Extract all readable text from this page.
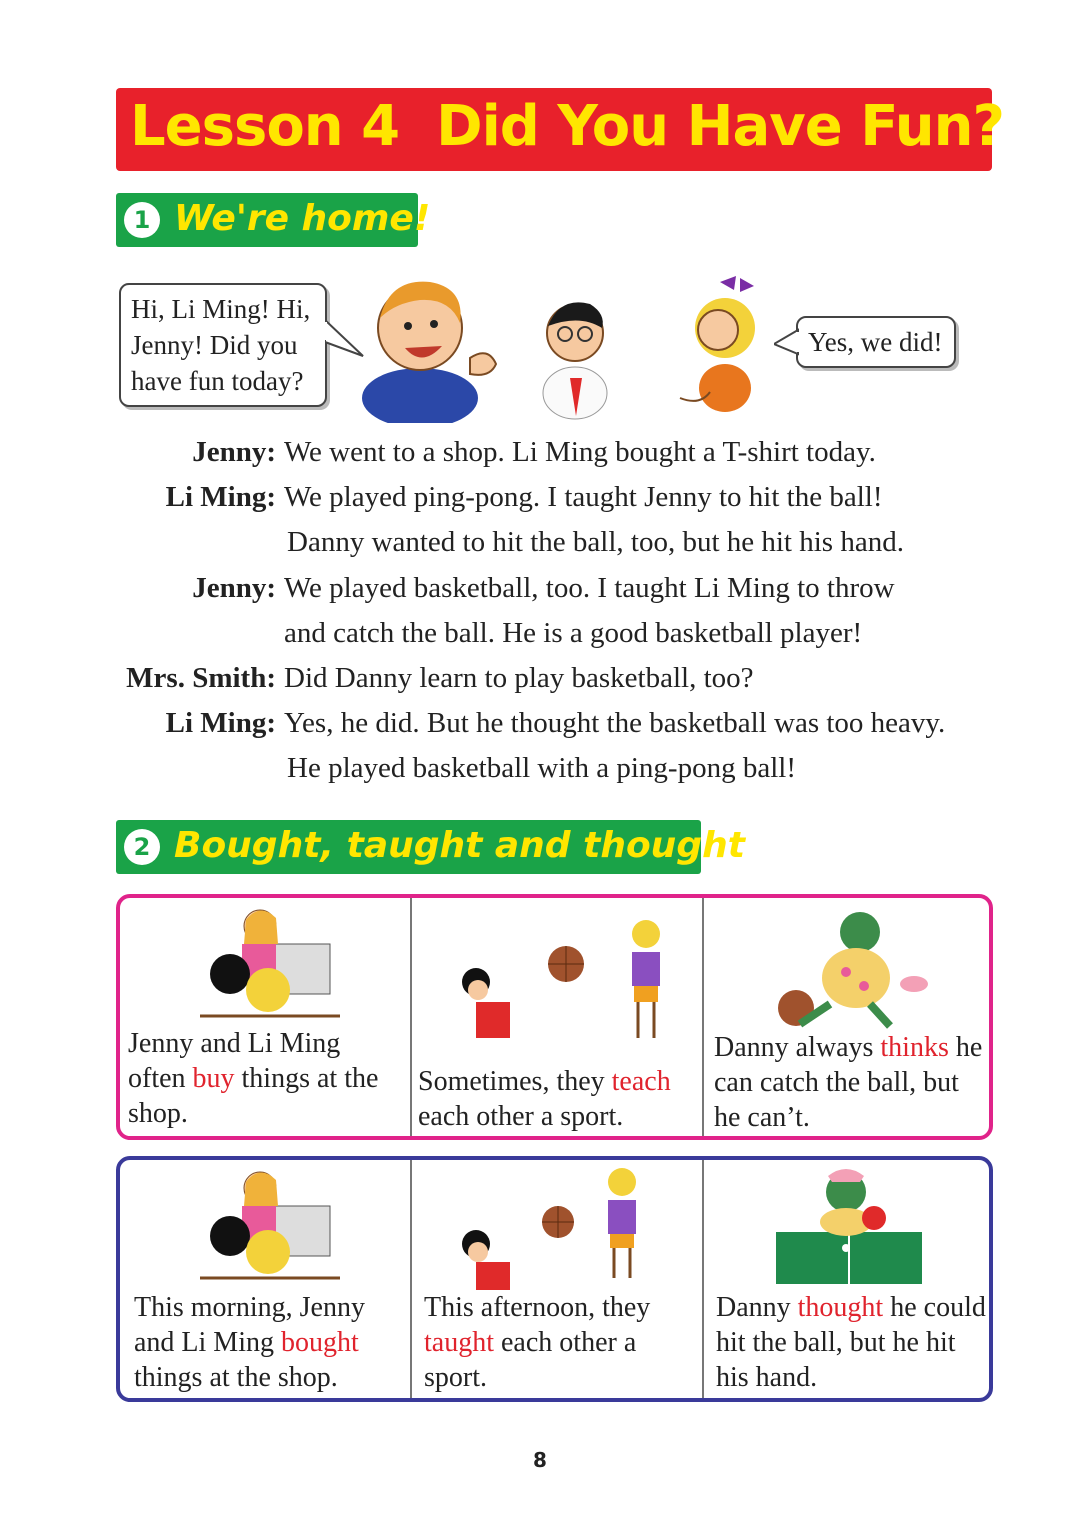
Lesson 4  Did You Have Fun?
1 We're home!
Hi, Li Ming! Hi,
Jenny! Did you
have fun today?
Yes, we did!
Jenny: We went to a shop. Li Ming bought a T-shirt today.
Li Ming: We played ping-pong. I taught Jenny to hit the ball!
Danny wanted to hit the ball, too, but he hit his hand.
Jenny: We played basketball, too. I taught Li Ming to throw
and catch the ball. He is a good basketball player!
Mrs. Smith: Did Danny learn to play basketball, too?
Li Ming: Yes, he did. But he thought the basketball was too heavy.
He played basketball with a ping-pong ball!
2 Bought, taught and thought
Jenny and Li Ming often buy things at the shop.
Sometimes, they teach each other a sport.
Danny always thinks he can catch the ball, but he can’t.
This morning, Jenny and Li Ming bought things at the shop.
This afternoon, they taught each other a sport.
Danny thought he could hit the ball, but he hit his hand.
8
